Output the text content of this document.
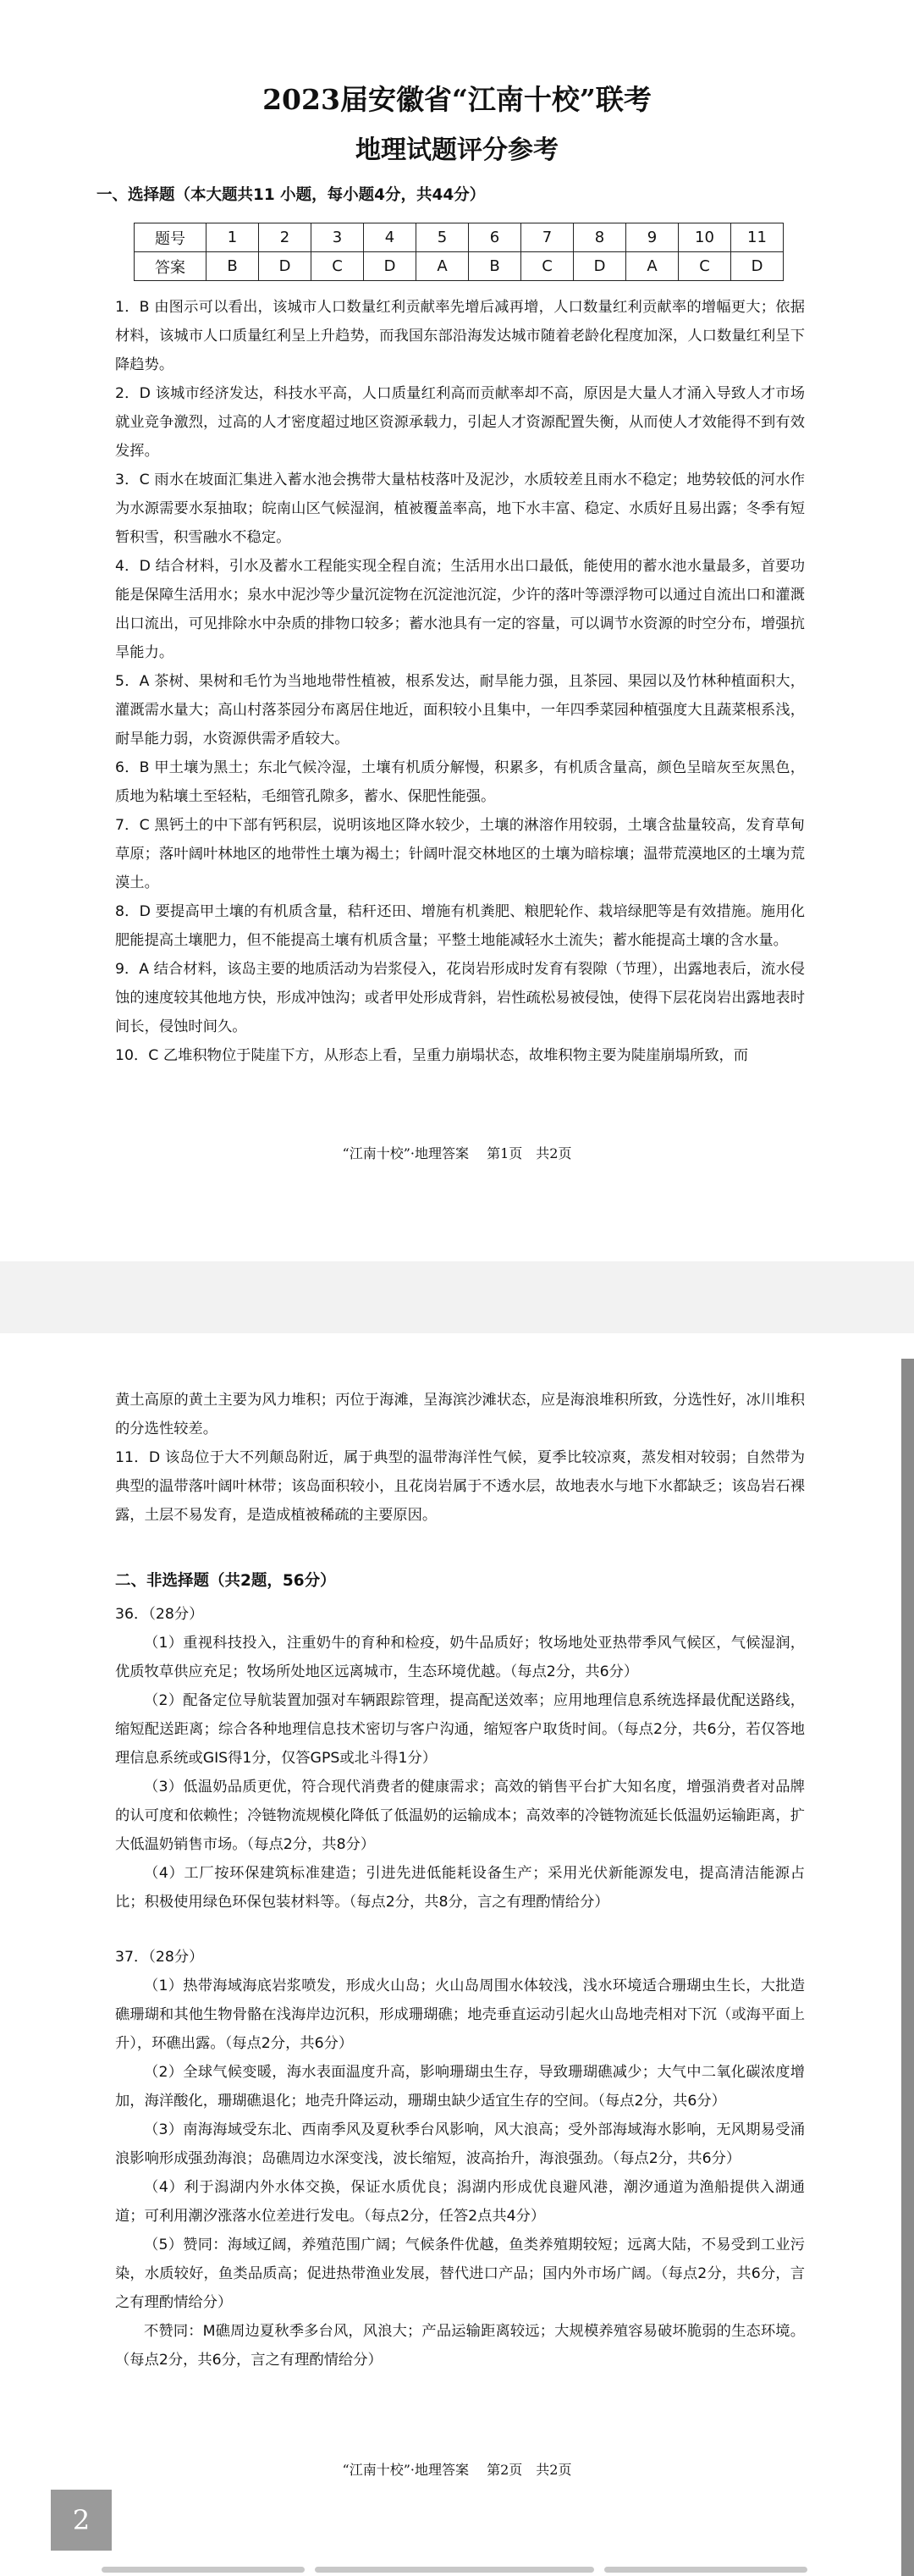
2023届安徽省“江南十校”联考
地理试题评分参考
一、选择题（本大题共11 小题，每小题4分，共44分）
题号	1	2	3	4	5	6	7	8	9	10	11
答案	B	D	C	D	A	B	C	D	A	C	D
1．B 由图示可以看出，该城市人口数量红利贡献率先增后减再增，人口数量红利贡献率的增幅更大；依据材料，该城市人口质量红利呈上升趋势，而我国东部沿海发达城市随着老龄化程度加深，人口数量红利呈下降趋势。
2．D 该城市经济发达，科技水平高，人口质量红利高而贡献率却不高，原因是大量人才涌入导致人才市场就业竞争激烈，过高的人才密度超过地区资源承载力，引起人才资源配置失衡，从而使人才效能得不到有效发挥。
3．C 雨水在坡面汇集进入蓄水池会携带大量枯枝落叶及泥沙，水质较差且雨水不稳定；地势较低的河水作为水源需要水泵抽取；皖南山区气候湿润，植被覆盖率高，地下水丰富、稳定、水质好且易出露；冬季有短暂积雪，积雪融水不稳定。
4．D 结合材料，引水及蓄水工程能实现全程自流；生活用水出口最低，能使用的蓄水池水量最多，首要功能是保障生活用水；泉水中泥沙等少量沉淀物在沉淀池沉淀，少许的落叶等漂浮物可以通过自流出口和灌溉出口流出，可见排除水中杂质的排物口较多；蓄水池具有一定的容量，可以调节水资源的时空分布，增强抗旱能力。
5．A 茶树、果树和毛竹为当地地带性植被，根系发达，耐旱能力强，且茶园、果园以及竹林种植面积大，灌溉需水量大；高山村落茶园分布离居住地近，面积较小且集中，一年四季菜园种植强度大且蔬菜根系浅，耐旱能力弱，水资源供需矛盾较大。
6．B 甲土壤为黑土；东北气候冷湿，土壤有机质分解慢，积累多，有机质含量高，颜色呈暗灰至灰黑色，质地为粘壤土至轻粘，毛细管孔隙多，蓄水、保肥性能强。
7．C 黑钙土的中下部有钙积层，说明该地区降水较少，土壤的淋溶作用较弱，土壤含盐量较高，发育草甸草原；落叶阔叶林地区的地带性土壤为褐土；针阔叶混交林地区的土壤为暗棕壤；温带荒漠地区的土壤为荒漠土。
8．D 要提高甲土壤的有机质含量，秸秆还田、增施有机粪肥、粮肥轮作、栽培绿肥等是有效措施。施用化肥能提高土壤肥力，但不能提高土壤有机质含量；平整土地能减轻水土流失；蓄水能提高土壤的含水量。
9．A 结合材料，该岛主要的地质活动为岩浆侵入，花岗岩形成时发育有裂隙（节理），出露地表后，流水侵蚀的速度较其他地方快，形成冲蚀沟；或者甲处形成背斜，岩性疏松易被侵蚀，使得下层花岗岩出露地表时间长，侵蚀时间久。
10．C 乙堆积物位于陡崖下方，从形态上看，呈重力崩塌状态，故堆积物主要为陡崖崩塌所致，而
“江南十校”·地理答案　 第1页　共2页
黄土高原的黄土主要为风力堆积；丙位于海滩，呈海滨沙滩状态，应是海浪堆积所致，分选性好，冰川堆积的分选性较差。
11．D 该岛位于大不列颠岛附近，属于典型的温带海洋性气候，夏季比较凉爽，蒸发相对较弱；自然带为典型的温带落叶阔叶林带；该岛面积较小，且花岗岩属于不透水层，故地表水与地下水都缺乏；该岛岩石裸露，土层不易发育，是造成植被稀疏的主要原因。
二、非选择题（共2题，56分）
36．（28分）
（1）重视科技投入，注重奶牛的育种和检疫，奶牛品质好；牧场地处亚热带季风气候区，气候湿润，优质牧草供应充足；牧场所处地区远离城市，生态环境优越。（每点2分，共6分）
（2）配备定位导航装置加强对车辆跟踪管理，提高配送效率；应用地理信息系统选择最优配送路线，缩短配送距离；综合各种地理信息技术密切与客户沟通，缩短客户取货时间。（每点2分，共6分，若仅答地理信息系统或GIS得1分，仅答GPS或北斗得1分）
（3）低温奶品质更优，符合现代消费者的健康需求；高效的销售平台扩大知名度，增强消费者对品牌的认可度和依赖性；冷链物流规模化降低了低温奶的运输成本；高效率的冷链物流延长低温奶运输距离，扩大低温奶销售市场。（每点2分，共8分）
（4）工厂按环保建筑标准建造；引进先进低能耗设备生产；采用光伏新能源发电，提高清洁能源占比；积极使用绿色环保包装材料等。（每点2分，共8分，言之有理酌情给分）
37．（28分）
（1）热带海域海底岩浆喷发，形成火山岛；火山岛周围水体较浅，浅水环境适合珊瑚虫生长，大批造礁珊瑚和其他生物骨骼在浅海岸边沉积，形成珊瑚礁；地壳垂直运动引起火山岛地壳相对下沉（或海平面上升），环礁出露。（每点2分，共6分）
（2）全球气候变暖，海水表面温度升高，影响珊瑚虫生存，导致珊瑚礁减少；大气中二氧化碳浓度增加，海洋酸化，珊瑚礁退化；地壳升降运动，珊瑚虫缺少适宜生存的空间。（每点2分，共6分）
（3）南海海域受东北、西南季风及夏秋季台风影响，风大浪高；受外部海域海水影响，无风期易受涌浪影响形成强劲海浪；岛礁周边水深变浅，波长缩短，波高抬升，海浪强劲。（每点2分，共6分）
（4）利于潟湖内外水体交换，保证水质优良；潟湖内形成优良避风港，潮汐通道为渔船提供入湖通道；可利用潮汐涨落水位差进行发电。（每点2分，任答2点共4分）
（5）赞同：海域辽阔，养殖范围广阔；气候条件优越，鱼类养殖期较短；远离大陆，不易受到工业污染，水质较好，鱼类品质高；促进热带渔业发展，替代进口产品；国内外市场广阔。（每点2分，共6分，言之有理酌情给分）
不赞同：M礁周边夏秋季多台风，风浪大；产品运输距离较远；大规模养殖容易破坏脆弱的生态环境。（每点2分，共6分，言之有理酌情给分）
“江南十校”·地理答案　 第2页　共2页
2
